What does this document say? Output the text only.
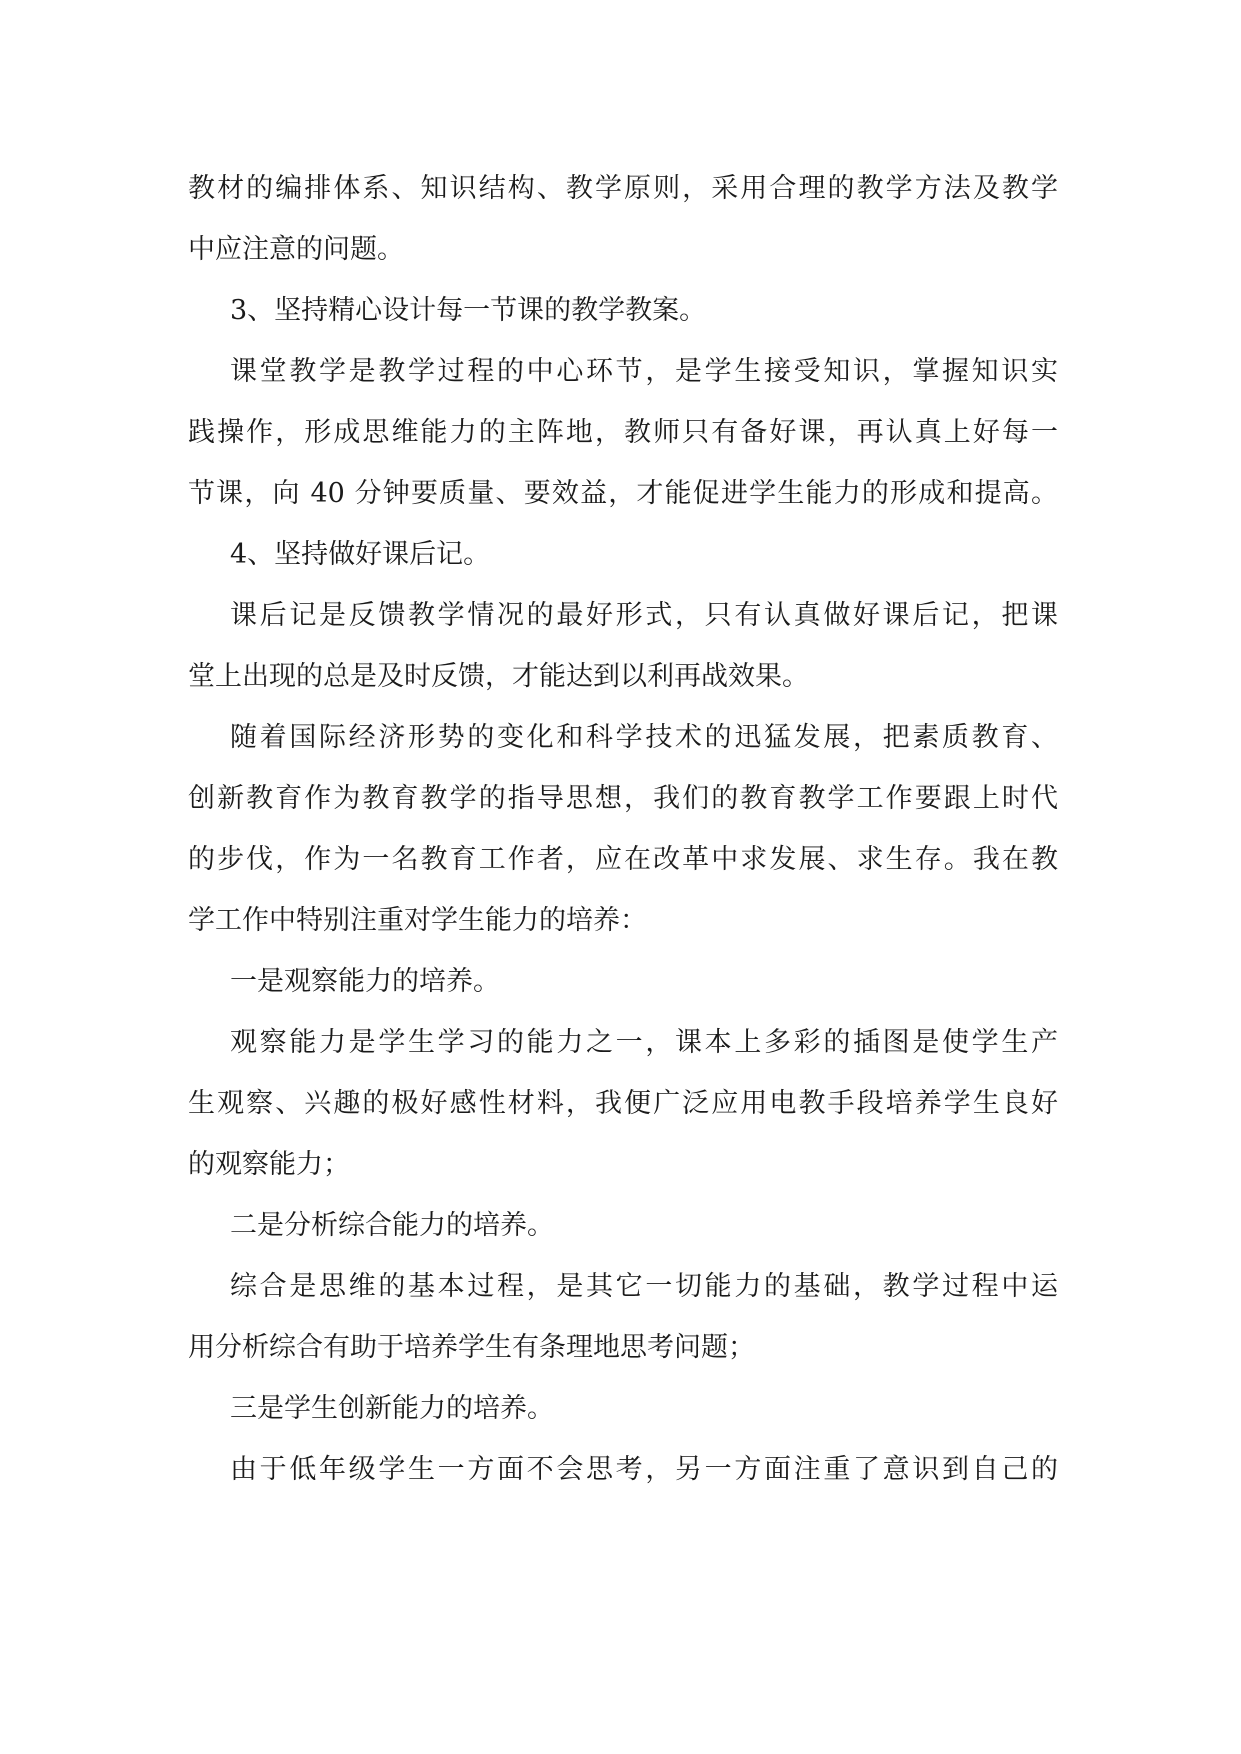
教材的编排体系、知识结构、教学原则，采用合理的教学方法及教学
中应注意的问题。
3、坚持精心设计每一节课的教学教案。
课堂教学是教学过程的中心环节，是学生接受知识，掌握知识实
践操作，形成思维能力的主阵地，教师只有备好课，再认真上好每一
节课，向 40 分钟要质量、要效益，才能促进学生能力的形成和提高。
4、坚持做好课后记。
课后记是反馈教学情况的最好形式，只有认真做好课后记，把课
堂上出现的总是及时反馈，才能达到以利再战效果。
随着国际经济形势的变化和科学技术的迅猛发展，把素质教育、
创新教育作为教育教学的指导思想，我们的教育教学工作要跟上时代
的步伐，作为一名教育工作者，应在改革中求发展、求生存。我在教
学工作中特别注重对学生能力的培养：
一是观察能力的培养。
观察能力是学生学习的能力之一，课本上多彩的插图是使学生产
生观察、兴趣的极好感性材料，我便广泛应用电教手段培养学生良好
的观察能力；
二是分析综合能力的培养。
综合是思维的基本过程，是其它一切能力的基础，教学过程中运
用分析综合有助于培养学生有条理地思考问题；
三是学生创新能力的培养。
由于低年级学生一方面不会思考，另一方面注重了意识到自己的
